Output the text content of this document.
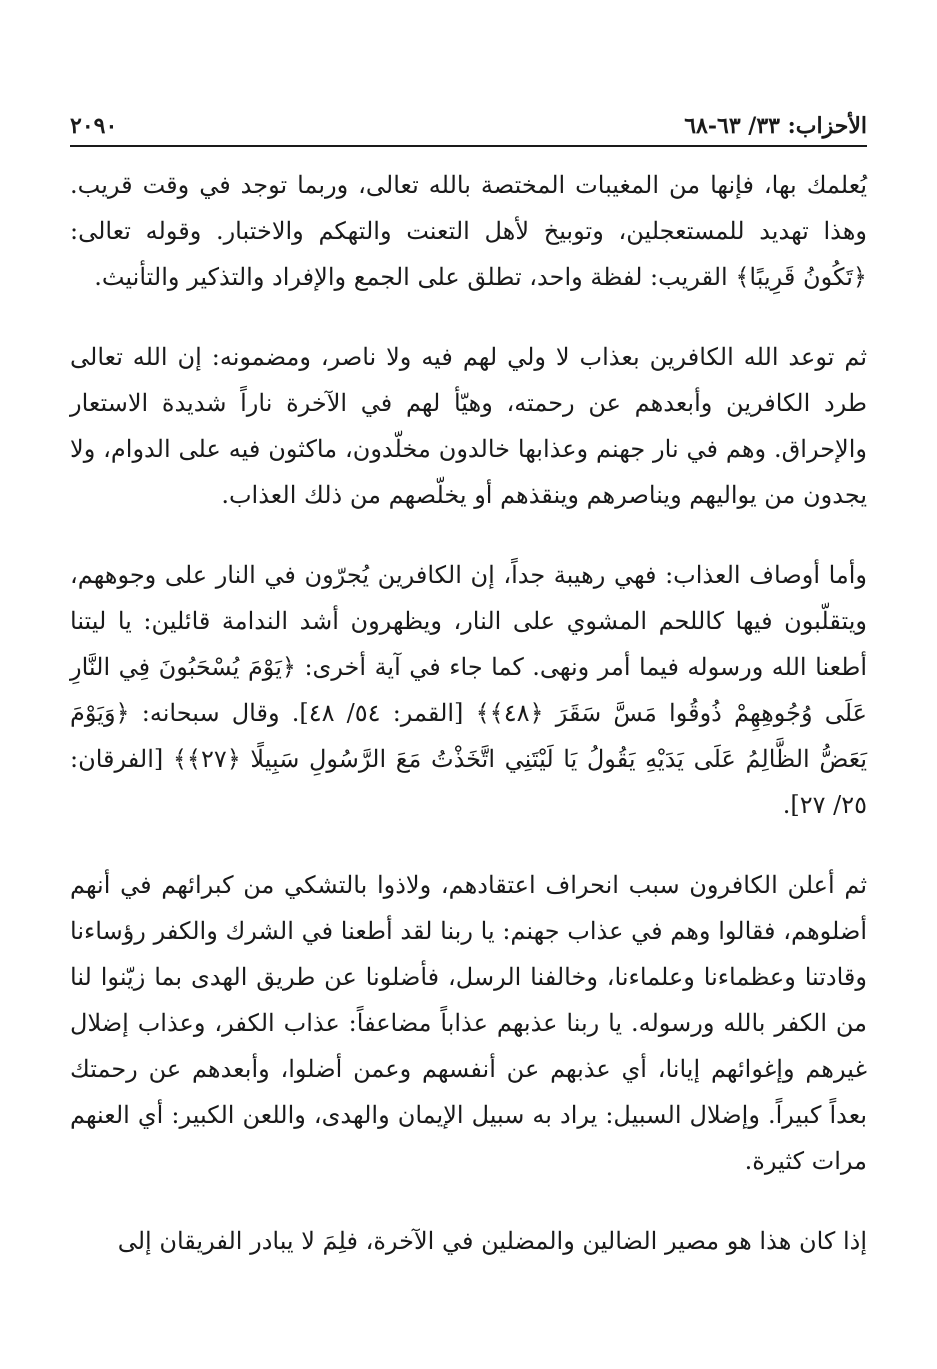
الأحزاب: ٣٣/ ٦٣-٦٨
٢٠٩٠

يُعلمك بها، فإنها من المغيبات المختصة بالله تعالى، وربما توجد في وقت قريب. وهذا تهديد للمستعجلين، وتوبيخ لأهل التعنت والتهكم والاختبار. وقوله تعالى: ﴿تَكُونُ قَرِيبًا﴾ القريب: لفظة واحد، تطلق على الجمع والإفراد والتذكير والتأنيث.

ثم توعد الله الكافرين بعذاب لا ولي لهم فيه ولا ناصر، ومضمونه: إن الله تعالى طرد الكافرين وأبعدهم عن رحمته، وهيّأ لهم في الآخرة ناراً شديدة الاستعار والإحراق. وهم في نار جهنم وعذابها خالدون مخلّدون، ماكثون فيه على الدوام، ولا يجدون من يواليهم ويناصرهم وينقذهم أو يخلّصهم من ذلك العذاب.

وأما أوصاف العذاب: فهي رهيبة جداً، إن الكافرين يُجرّون في النار على وجوههم، ويتقلّبون فيها كاللحم المشوي على النار، ويظهرون أشد الندامة قائلين: يا ليتنا أطعنا الله ورسوله فيما أمر ونهى. كما جاء في آية أخرى: ﴿يَوْمَ يُسْحَبُونَ فِي النَّارِ عَلَى وُجُوهِهِمْ ذُوقُوا مَسَّ سَقَرَ ﴿٤٨﴾﴾ [القمر: ٥٤/ ٤٨]. وقال سبحانه: ﴿وَيَوْمَ يَعَضُّ الظَّالِمُ عَلَى يَدَيْهِ يَقُولُ يَا لَيْتَنِي اتَّخَذْتُ مَعَ الرَّسُولِ سَبِيلًا ﴿٢٧﴾﴾ [الفرقان: ٢٥/ ٢٧].

ثم أعلن الكافرون سبب انحراف اعتقادهم، ولاذوا بالتشكي من كبرائهم في أنهم أضلوهم، فقالوا وهم في عذاب جهنم: يا ربنا لقد أطعنا في الشرك والكفر رؤساءنا وقادتنا وعظماءنا وعلماءنا، وخالفنا الرسل، فأضلونا عن طريق الهدى بما زيّنوا لنا من الكفر بالله ورسوله. يا ربنا عذبهم عذاباً مضاعفاً: عذاب الكفر، وعذاب إضلال غيرهم وإغوائهم إيانا، أي عذبهم عن أنفسهم وعمن أضلوا، وأبعدهم عن رحمتك بعداً كبيراً. وإضلال السبيل: يراد به سبيل الإيمان والهدى، واللعن الكبير: أي العنهم مرات كثيرة.

إذا كان هذا هو مصير الضالين والمضلين في الآخرة، فلِمَ لا يبادر الفريقان إلى
